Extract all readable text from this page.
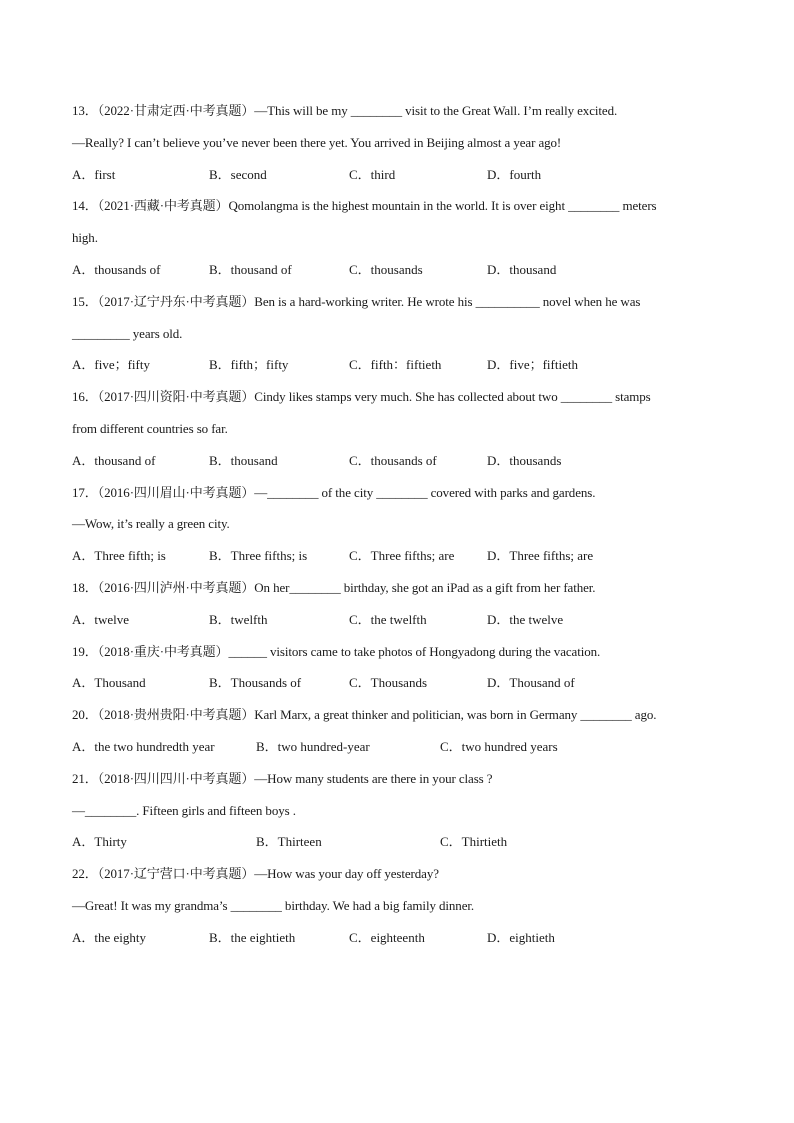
13．（2022·甘肃定西·中考真题）—This will be my ________ visit to the Great Wall. I’m really excited.
—Really? I can’t believe you’ve never been there yet. You arrived in Beijing almost a year ago!
A．first	B．second	C．third	D．fourth
14．（2021·西藏·中考真题）Qomolangma is the highest mountain in the world. It is over eight ________ meters
high.
A．thousands of	B．thousand of	C．thousands	D．thousand
15．（2017·辽宁丹东·中考真题）Ben is a hard-working writer. He wrote his __________ novel when he was
_________ years old.
A．five；fifty	B．fifth；fifty	C．fifth：fiftieth	D．five；fiftieth
16．（2017·四川资阳·中考真题）Cindy likes stamps very much. She has collected about two ________ stamps
from different countries so far.
A．thousand of	B．thousand	C．thousands of	D．thousands
17．（2016·四川眉山·中考真题）—________ of the city ________ covered with parks and gardens.
—Wow, it’s really a green city.
A．Three fifth; is	B．Three fifths; is	C．Three fifths; are	D．Three fifths; are
18．（2016·四川泸州·中考真题）On her________ birthday, she got an iPad as a gift from her father.
A．twelve	B．twelfth	C．the twelfth	D．the twelve
19．（2018·重庆·中考真题）______ visitors came to take photos of Hongyadong during the vacation.
A．Thousand	B．Thousands of	C．Thousands	D．Thousand of
20．（2018·贵州贵阳·中考真题）Karl Marx, a great thinker and politician, was born in Germany ________ ago.
A．the two hundredth year	B．two hundred-year	C．two hundred years
21．（2018·四川四川·中考真题）—How many students are there in your class ?
—________. Fifteen girls and fifteen boys .
A．Thirty	B．Thirteen	C．Thirtieth
22．（2017·辽宁营口·中考真题）—How was your day off yesterday?
—Great! It was my grandma’s ________ birthday. We had a big family dinner.
A．the eighty	B．the eightieth	C．eighteenth	D．eightieth
